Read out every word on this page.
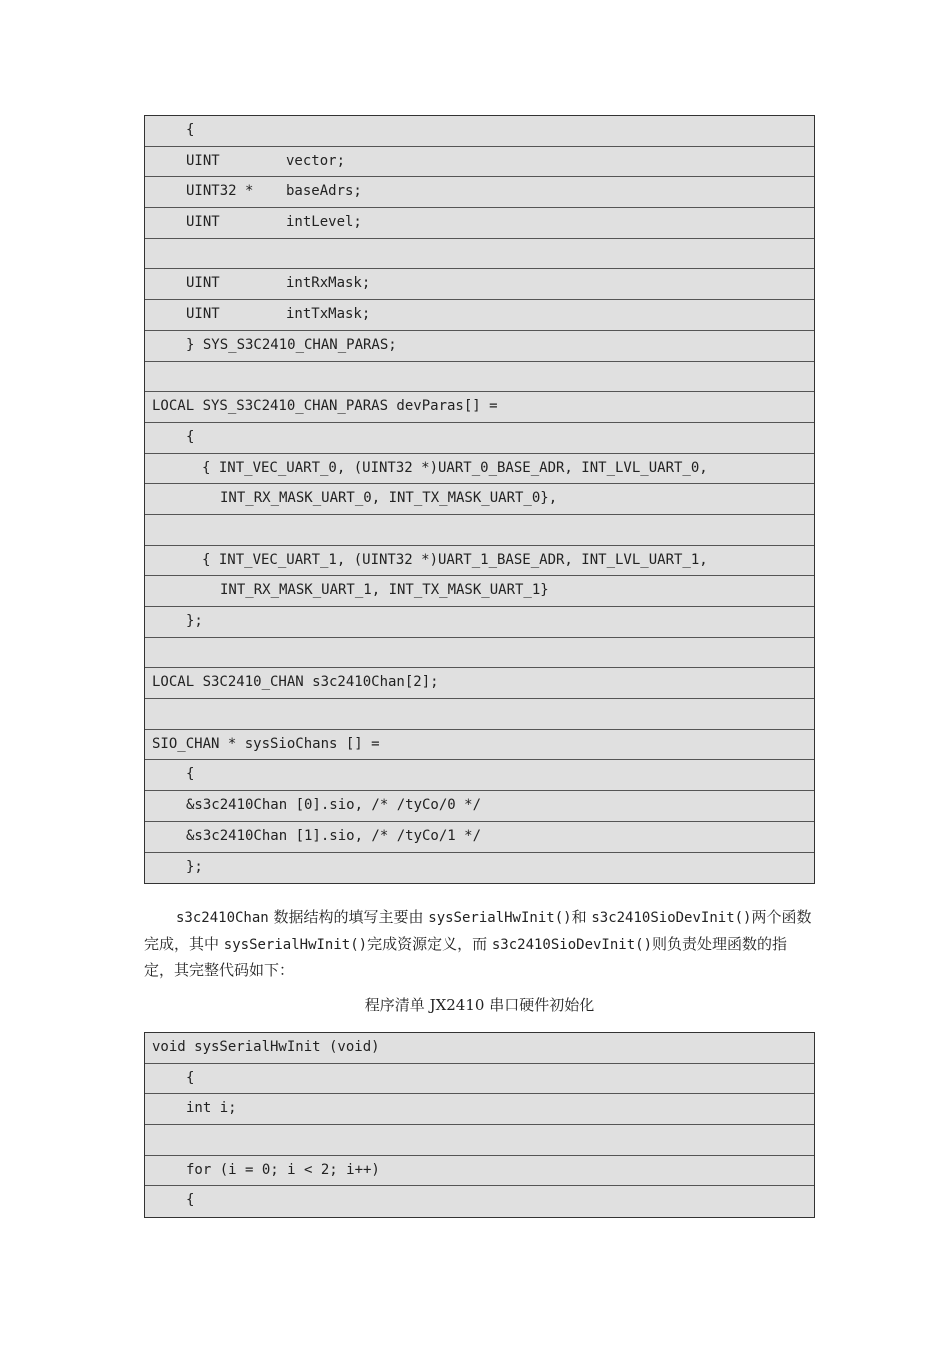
{
UINT	vector;
UINT32 * baseAdrs;
UINT	intLevel;
UINT	intRxMask;
UINT	intTxMask;
} SYS_S3C2410_CHAN_PARAS;
LOCAL SYS_S3C2410_CHAN_PARAS devParas[] =
{
{ INT_VEC_UART_0, (UINT32 *)UART_0_BASE_ADR, INT_LVL_UART_0,
INT_RX_MASK_UART_0, INT_TX_MASK_UART_0},
{ INT_VEC_UART_1, (UINT32 *)UART_1_BASE_ADR, INT_LVL_UART_1,
INT_RX_MASK_UART_1, INT_TX_MASK_UART_1}
};
LOCAL S3C2410_CHAN s3c2410Chan[2];
SIO_CHAN * sysSioChans [] =
{
&s3c2410Chan [0].sio, /* /tyCo/0 */
&s3c2410Chan [1].sio, /* /tyCo/1 */
};
s3c2410Chan 数据结构的填写主要由 sysSerialHwInit()和 s3c2410SioDevInit()两个函数完成，其中 sysSerialHwInit()完成资源定义，而 s3c2410SioDevInit()则负责处理函数的指定，其完整代码如下：
程序清单 JX2410 串口硬件初始化
void sysSerialHwInit (void)
{
int i;
for (i = 0; i < 2; i++)
{
